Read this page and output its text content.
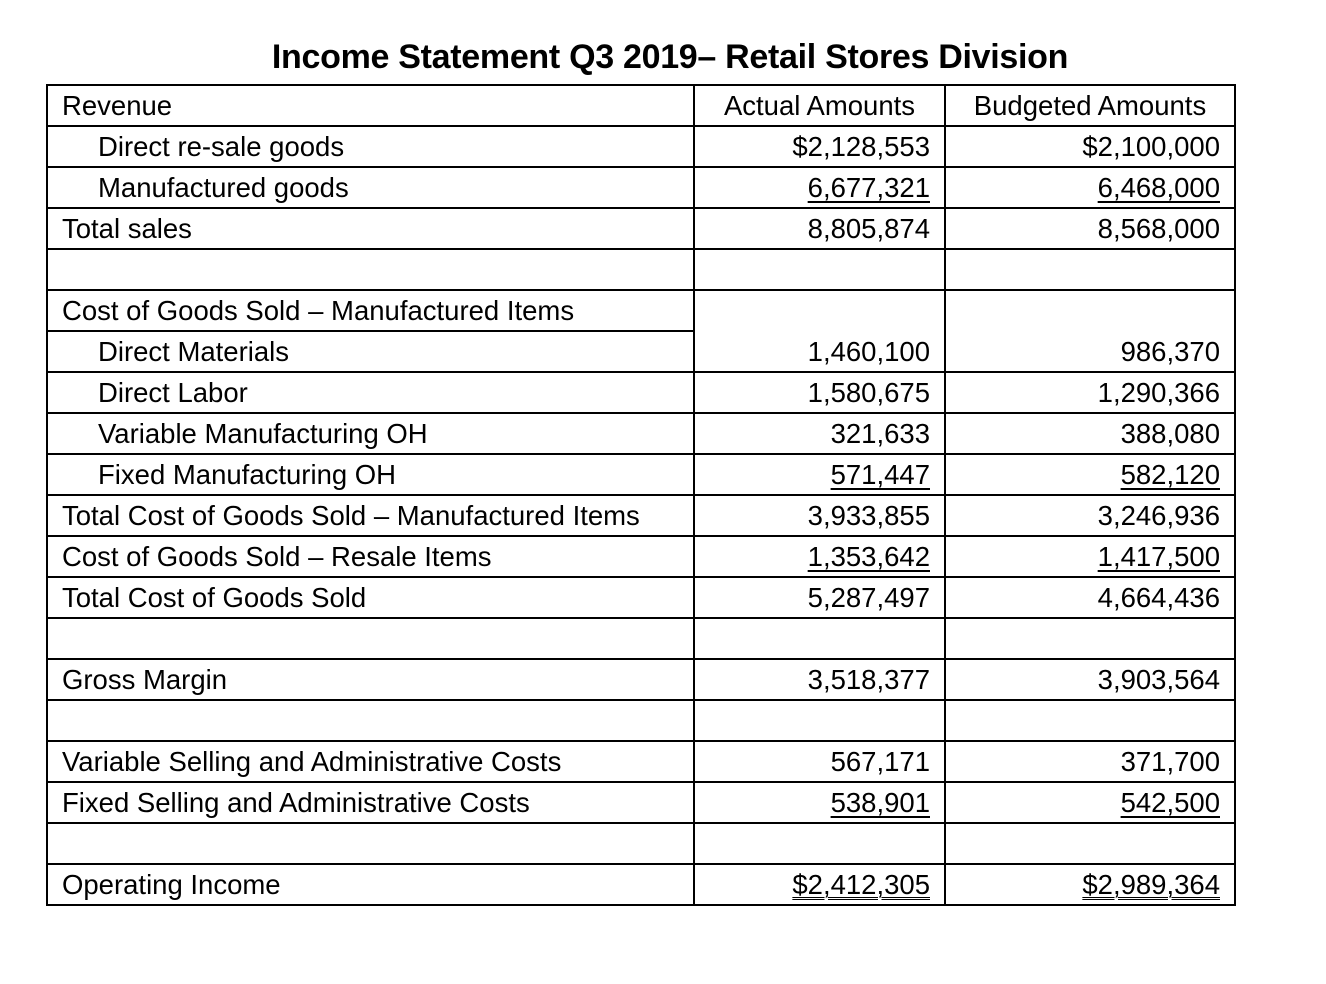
Income Statement Q3 2019– Retail Stores Division
Revenue	Actual Amounts	Budgeted Amounts
Direct re-sale goods	$2,128,553	$2,100,000
Manufactured goods	6,677,321	6,468,000
Total sales	8,805,874	8,568,000

Cost of Goods Sold – Manufactured Items		
Direct Materials	1,460,100	986,370
Direct Labor	1,580,675	1,290,366
Variable Manufacturing OH	321,633	388,080
Fixed Manufacturing OH	571,447	582,120
Total Cost of Goods Sold – Manufactured Items	3,933,855	3,246,936
Cost of Goods Sold – Resale Items	1,353,642	1,417,500
Total Cost of Goods Sold	5,287,497	4,664,436

Gross Margin	3,518,377	3,903,564

Variable Selling and Administrative Costs	567,171	371,700
Fixed Selling and Administrative Costs	538,901	542,500

Operating Income	$2,412,305	$2,989,364
